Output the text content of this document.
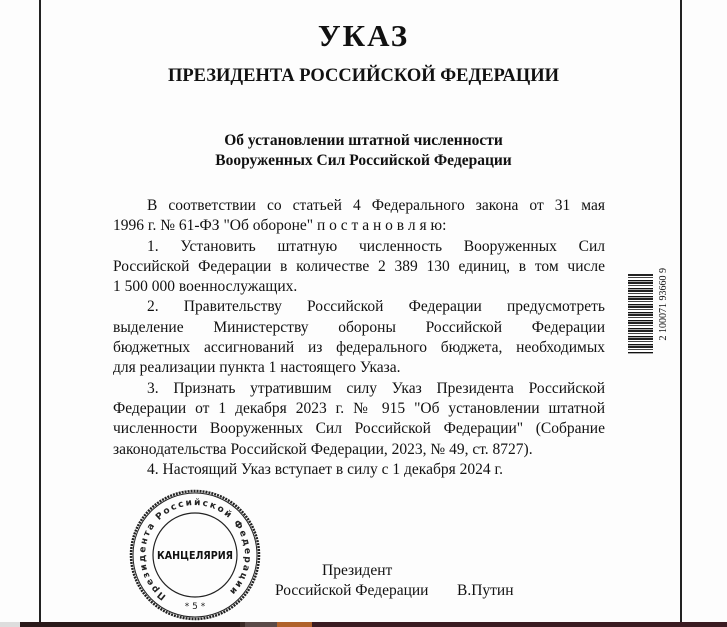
УКАЗ
ПРЕЗИДЕНТА РОССИЙСКОЙ ФЕДЕРАЦИИ
Об установлении штатной численности
Вооруженных Сил Российской Федерации
В соответствии со статьей 4 Федерального закона от 31 мая
1996 г. № 61-ФЗ "Об обороне" п о с т а н о в л я ю:
1. Установить штатную численность Вооруженных Сил
Российской Федерации в количестве 2 389 130 единиц, в том числе
1 500 000 военнослужащих.
2. Правительству Российской Федерации предусмотреть
выделение Министерству обороны Российской Федерации
бюджетных ассигнований из федерального бюджета, необходимых
для реализации пункта 1 настоящего Указа.
3. Признать утратившим силу Указ Президента Российской
Федерации от 1 декабря 2023 г. № 915 "Об установлении штатной
численности Вооруженных Сил Российской Федерации" (Собрание
законодательства Российской Федерации, 2023, № 49, ст. 8727).
4. Настоящий Указ вступает в силу с 1 декабря 2024 г.
2 100071 93660 9
Президента Российской Федерации
КАНЦЕЛЯРИЯ
* 5 *
Президент
Российской Федерации В.Путин
